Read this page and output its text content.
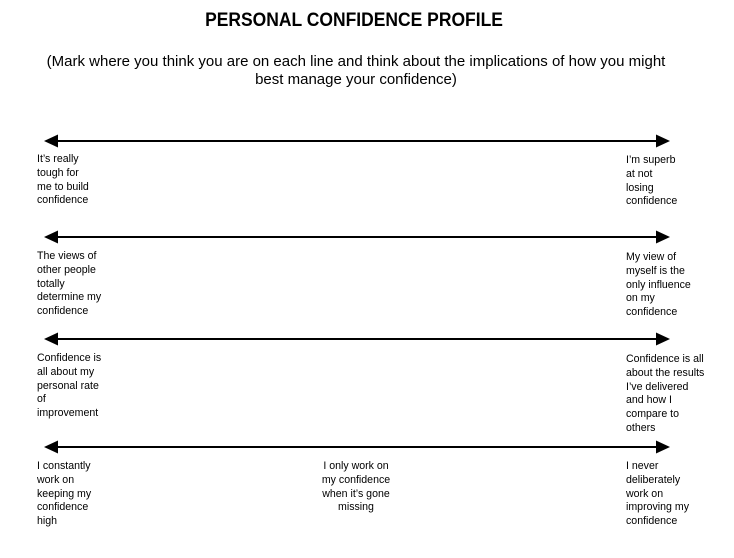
PERSONAL CONFIDENCE PROFILE
(Mark where you think you are on each line and think about the implications of how you might best manage your confidence)
It’s really
tough for
me to build
confidence
I’m superb
at not
losing
confidence
The views of
other people
totally
determine my
confidence
My view of
myself is the
only influence
on my
confidence
Confidence is
all about my
personal rate
of
improvement
Confidence is all
about the results
I’ve delivered
and how I
compare to
others
I constantly
work on
keeping my
confidence
high
I only work on
my confidence
when it’s gone
missing
I never
deliberately
work on
improving my
confidence
